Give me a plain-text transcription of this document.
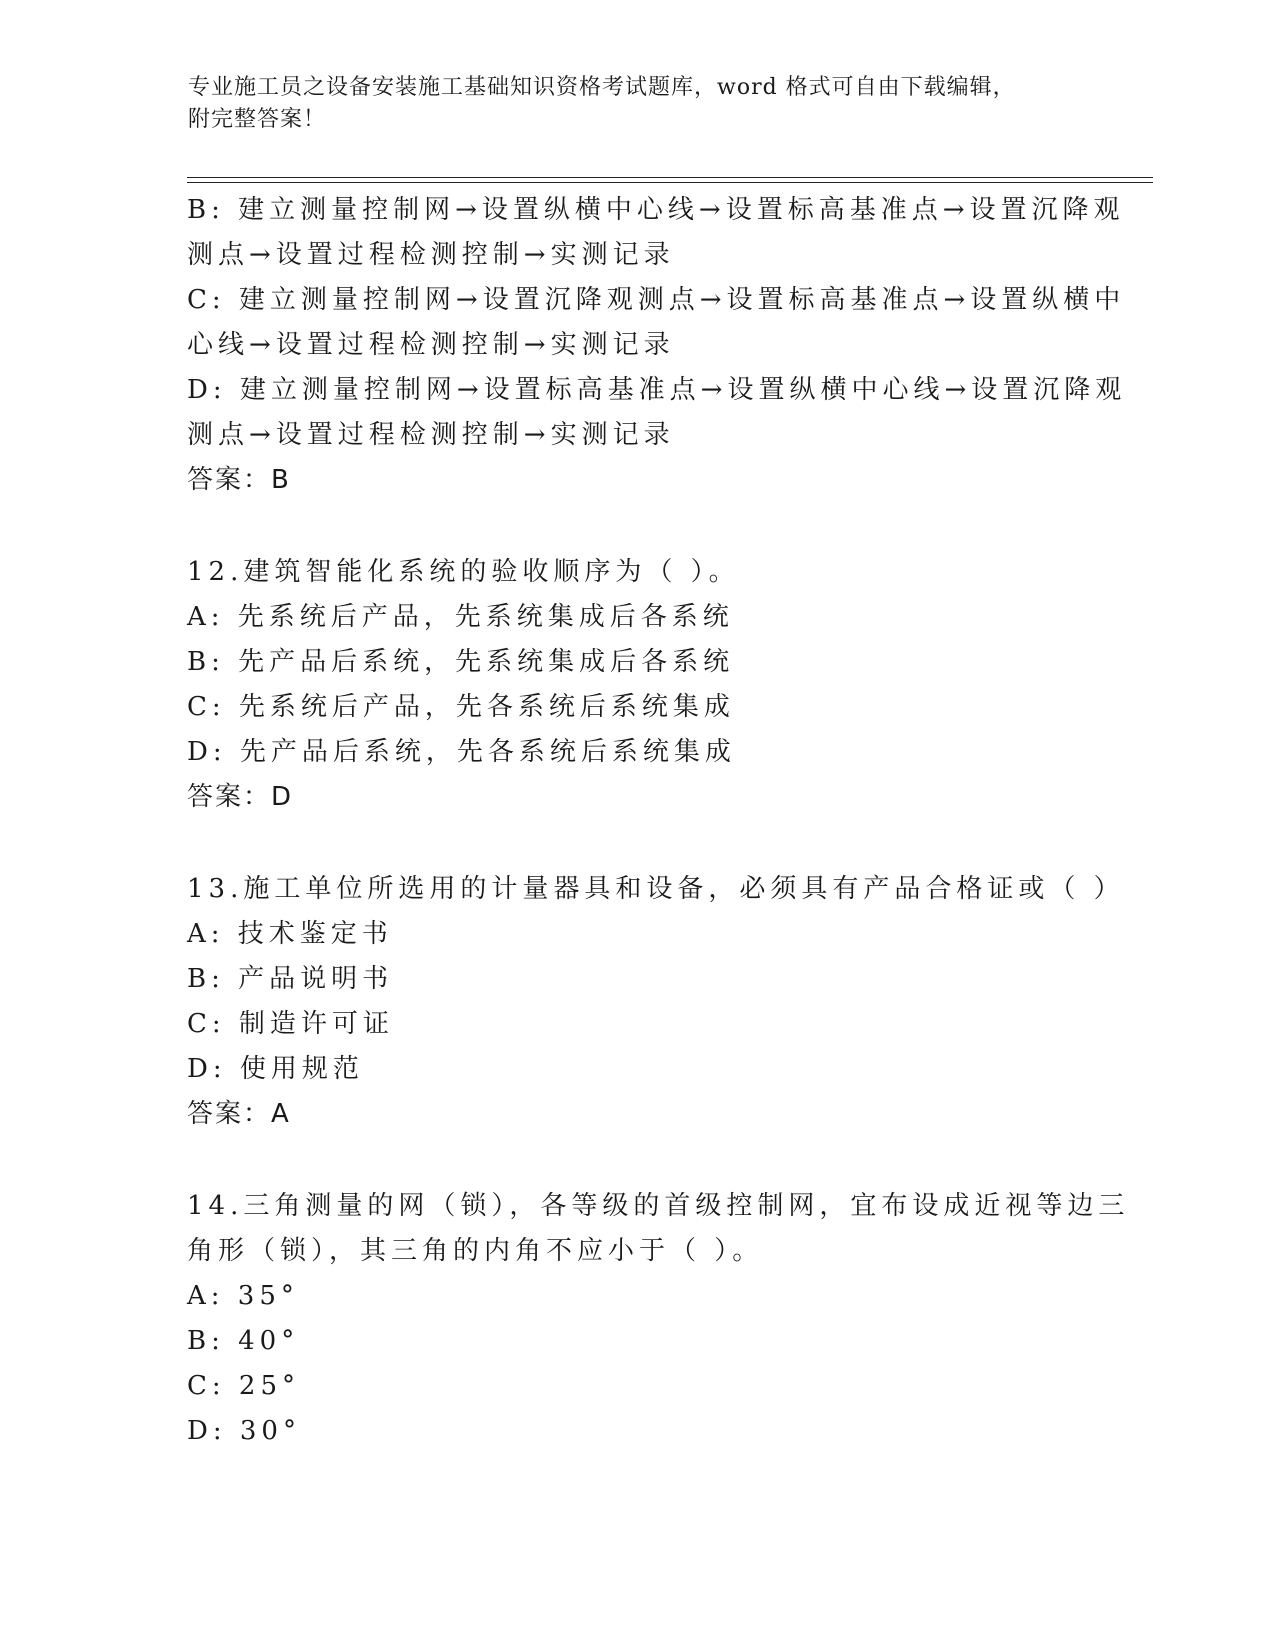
专业施工员之设备安装施工基础知识资格考试题库，word 格式可自由下载编辑，
附完整答案！
B: 建立测量控制网→设置纵横中心线→设置标高基准点→设置沉降观
测点→设置过程检测控制→实测记录
C: 建立测量控制网→设置沉降观测点→设置标高基准点→设置纵横中
心线→设置过程检测控制→实测记录
D: 建立测量控制网→设置标高基准点→设置纵横中心线→设置沉降观
测点→设置过程检测控制→实测记录
答案：B
12.建筑智能化系统的验收顺序为（ ）。
A: 先系统后产品，先系统集成后各系统
B: 先产品后系统，先系统集成后各系统
C: 先系统后产品，先各系统后系统集成
D: 先产品后系统，先各系统后系统集成
答案：D
13.施工单位所选用的计量器具和设备，必须具有产品合格证或（ ）
A: 技术鉴定书
B: 产品说明书
C: 制造许可证
D: 使用规范
答案：A
14.三角测量的网（锁），各等级的首级控制网，宜布设成近视等边三
角形（锁），其三角的内角不应小于（ ）。
A: 35°
B: 40°
C: 25°
D: 30°
